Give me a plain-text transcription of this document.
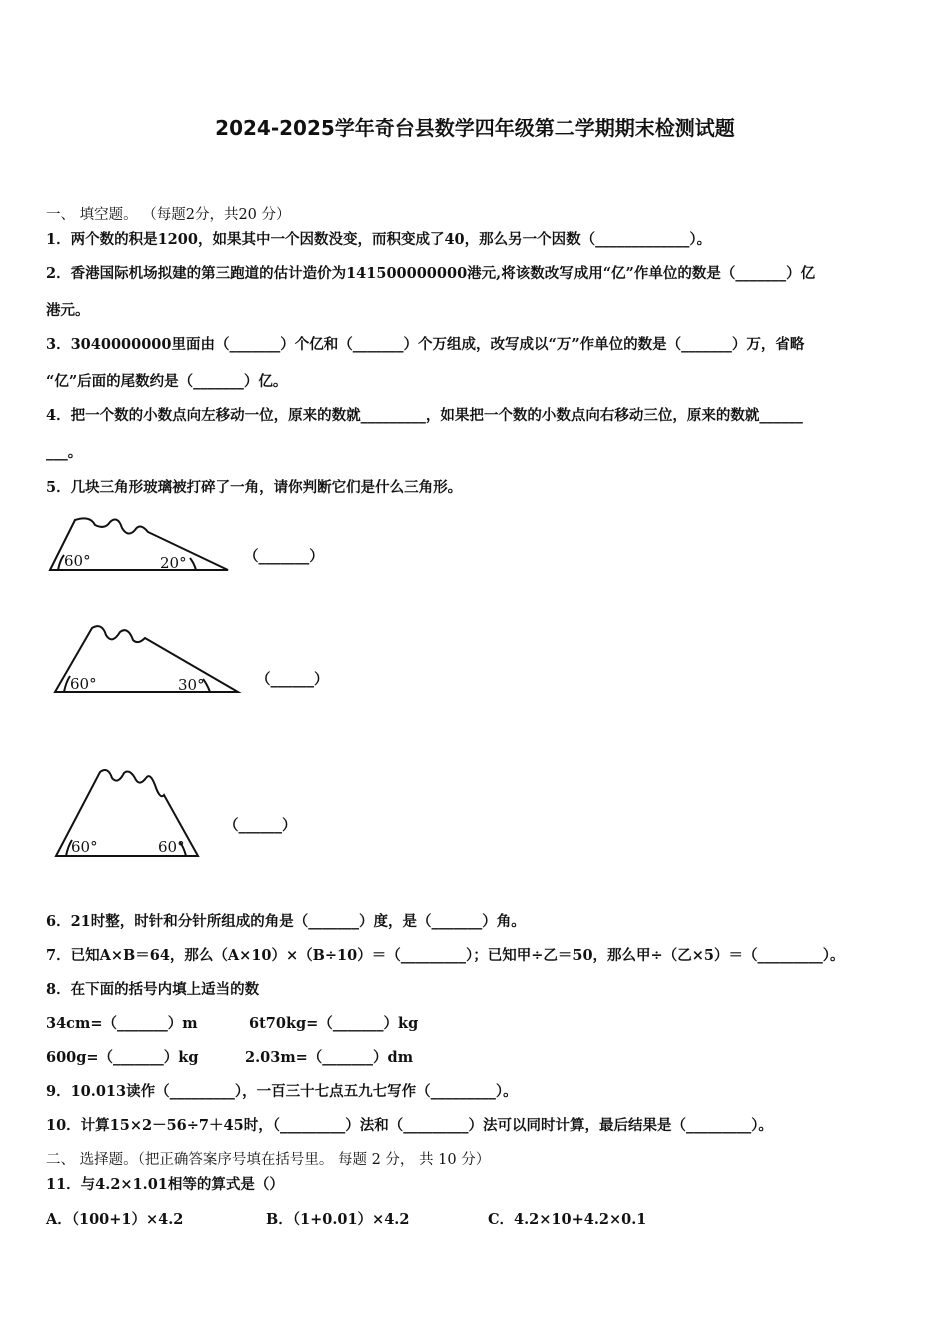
2024-2025学年奇台县数学四年级第二学期期末检测试题
一、 填空题。 （每题2分，共20 分）
1．两个数的积是1200，如果其中一个因数没变，而积变成了40，那么另一个因数（_____________）。
2．香港国际机场拟建的第三跑道的估计造价为141500000000港元,将该数改写成用“亿”作单位的数是（_______）亿
港元。
3．3040000000里面由（_______）个亿和（_______）个万组成，改写成以“万”作单位的数是（_______）万，省略
“亿”后面的尾数约是（_______）亿。
4．把一个数的小数点向左移动一位，原来的数就_________，如果把一个数的小数点向右移动三位，原来的数就______
___。
5．几块三角形玻璃被打碎了一角，请你判断它们是什么三角形。
60°	20°
60°	30°
60°	60°
（_______）
（______）
（______）
6．21时整，时针和分针所组成的角是（_______）度，是（_______）角。
7．已知A×B＝64，那么（A×10）×（B÷10）＝（_________）；已知甲÷乙＝50，那么甲÷（乙×5）＝（_________）。
8．在下面的括号内填上适当的数
34cm=（_______）m	6t70kg=（_______）kg
600g=（_______）kg	2.03m=（_______）dm
9．10.013读作（_________），一百三十七点五九七写作（_________）。
10．计算15×2－56÷7＋45时，（_________）法和（_________）法可以同时计算，最后结果是（_________）。
二、 选择题。（把正确答案序号填在括号里。 每题 2 分， 共 10 分）
11．与4.2×1.01相等的算式是（）
A．（100+1）×4.2	B．（1+0.01）×4.2	C．4.2×10+4.2×0.1
